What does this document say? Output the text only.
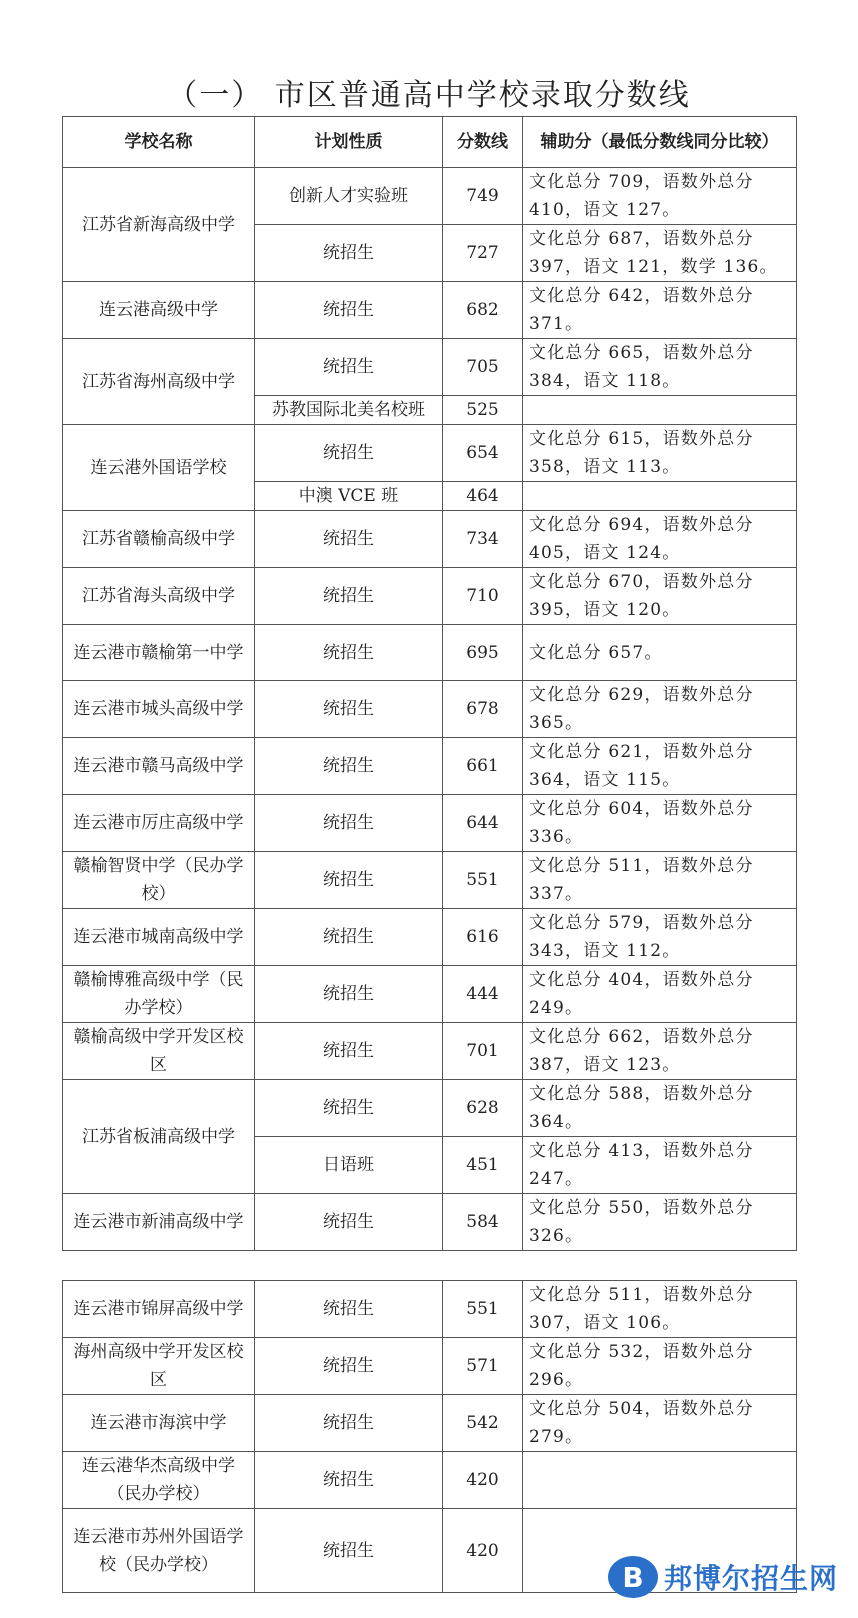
（一） 市区普通高中学校录取分数线
学校名称	计划性质	分数线	辅助分（最低分数线同分比较）
江苏省新海高级中学	创新人才实验班	749	文化总分 709，语数外总分 410，语文 127。
	统招生	727	文化总分 687，语数外总分 397，语文 121，数学 136。
连云港高级中学	统招生	682	文化总分 642，语数外总分 371。
江苏省海州高级中学	统招生	705	文化总分 665，语数外总分 384，语文 118。
	苏教国际北美名校班	525	
连云港外国语学校	统招生	654	文化总分 615，语数外总分 358，语文 113。
	中澳 VCE 班	464	
江苏省赣榆高级中学	统招生	734	文化总分 694，语数外总分 405，语文 124。
江苏省海头高级中学	统招生	710	文化总分 670，语数外总分 395，语文 120。
连云港市赣榆第一中学	统招生	695	文化总分 657。
连云港市城头高级中学	统招生	678	文化总分 629，语数外总分 365。
连云港市赣马高级中学	统招生	661	文化总分 621，语数外总分 364，语文 115。
连云港市厉庄高级中学	统招生	644	文化总分 604，语数外总分 336。
赣榆智贤中学（民办学校）	统招生	551	文化总分 511，语数外总分 337。
连云港市城南高级中学	统招生	616	文化总分 579，语数外总分 343，语文 112。
赣榆博雅高级中学（民办学校）	统招生	444	文化总分 404，语数外总分 249。
赣榆高级中学开发区校区	统招生	701	文化总分 662，语数外总分 387，语文 123。
江苏省板浦高级中学	统招生	628	文化总分 588，语数外总分 364。
	日语班	451	文化总分 413，语数外总分 247。
连云港市新浦高级中学	统招生	584	文化总分 550，语数外总分 326。
连云港市锦屏高级中学	统招生	551	文化总分 511，语数外总分 307，语文 106。
海州高级中学开发区校区	统招生	571	文化总分 532，语数外总分 296。
连云港市海滨中学	统招生	542	文化总分 504，语数外总分 279。
连云港华杰高级中学（民办学校）	统招生	420	
连云港市苏州外国语学校（民办学校）	统招生	420	
B 邦博尔招生网
